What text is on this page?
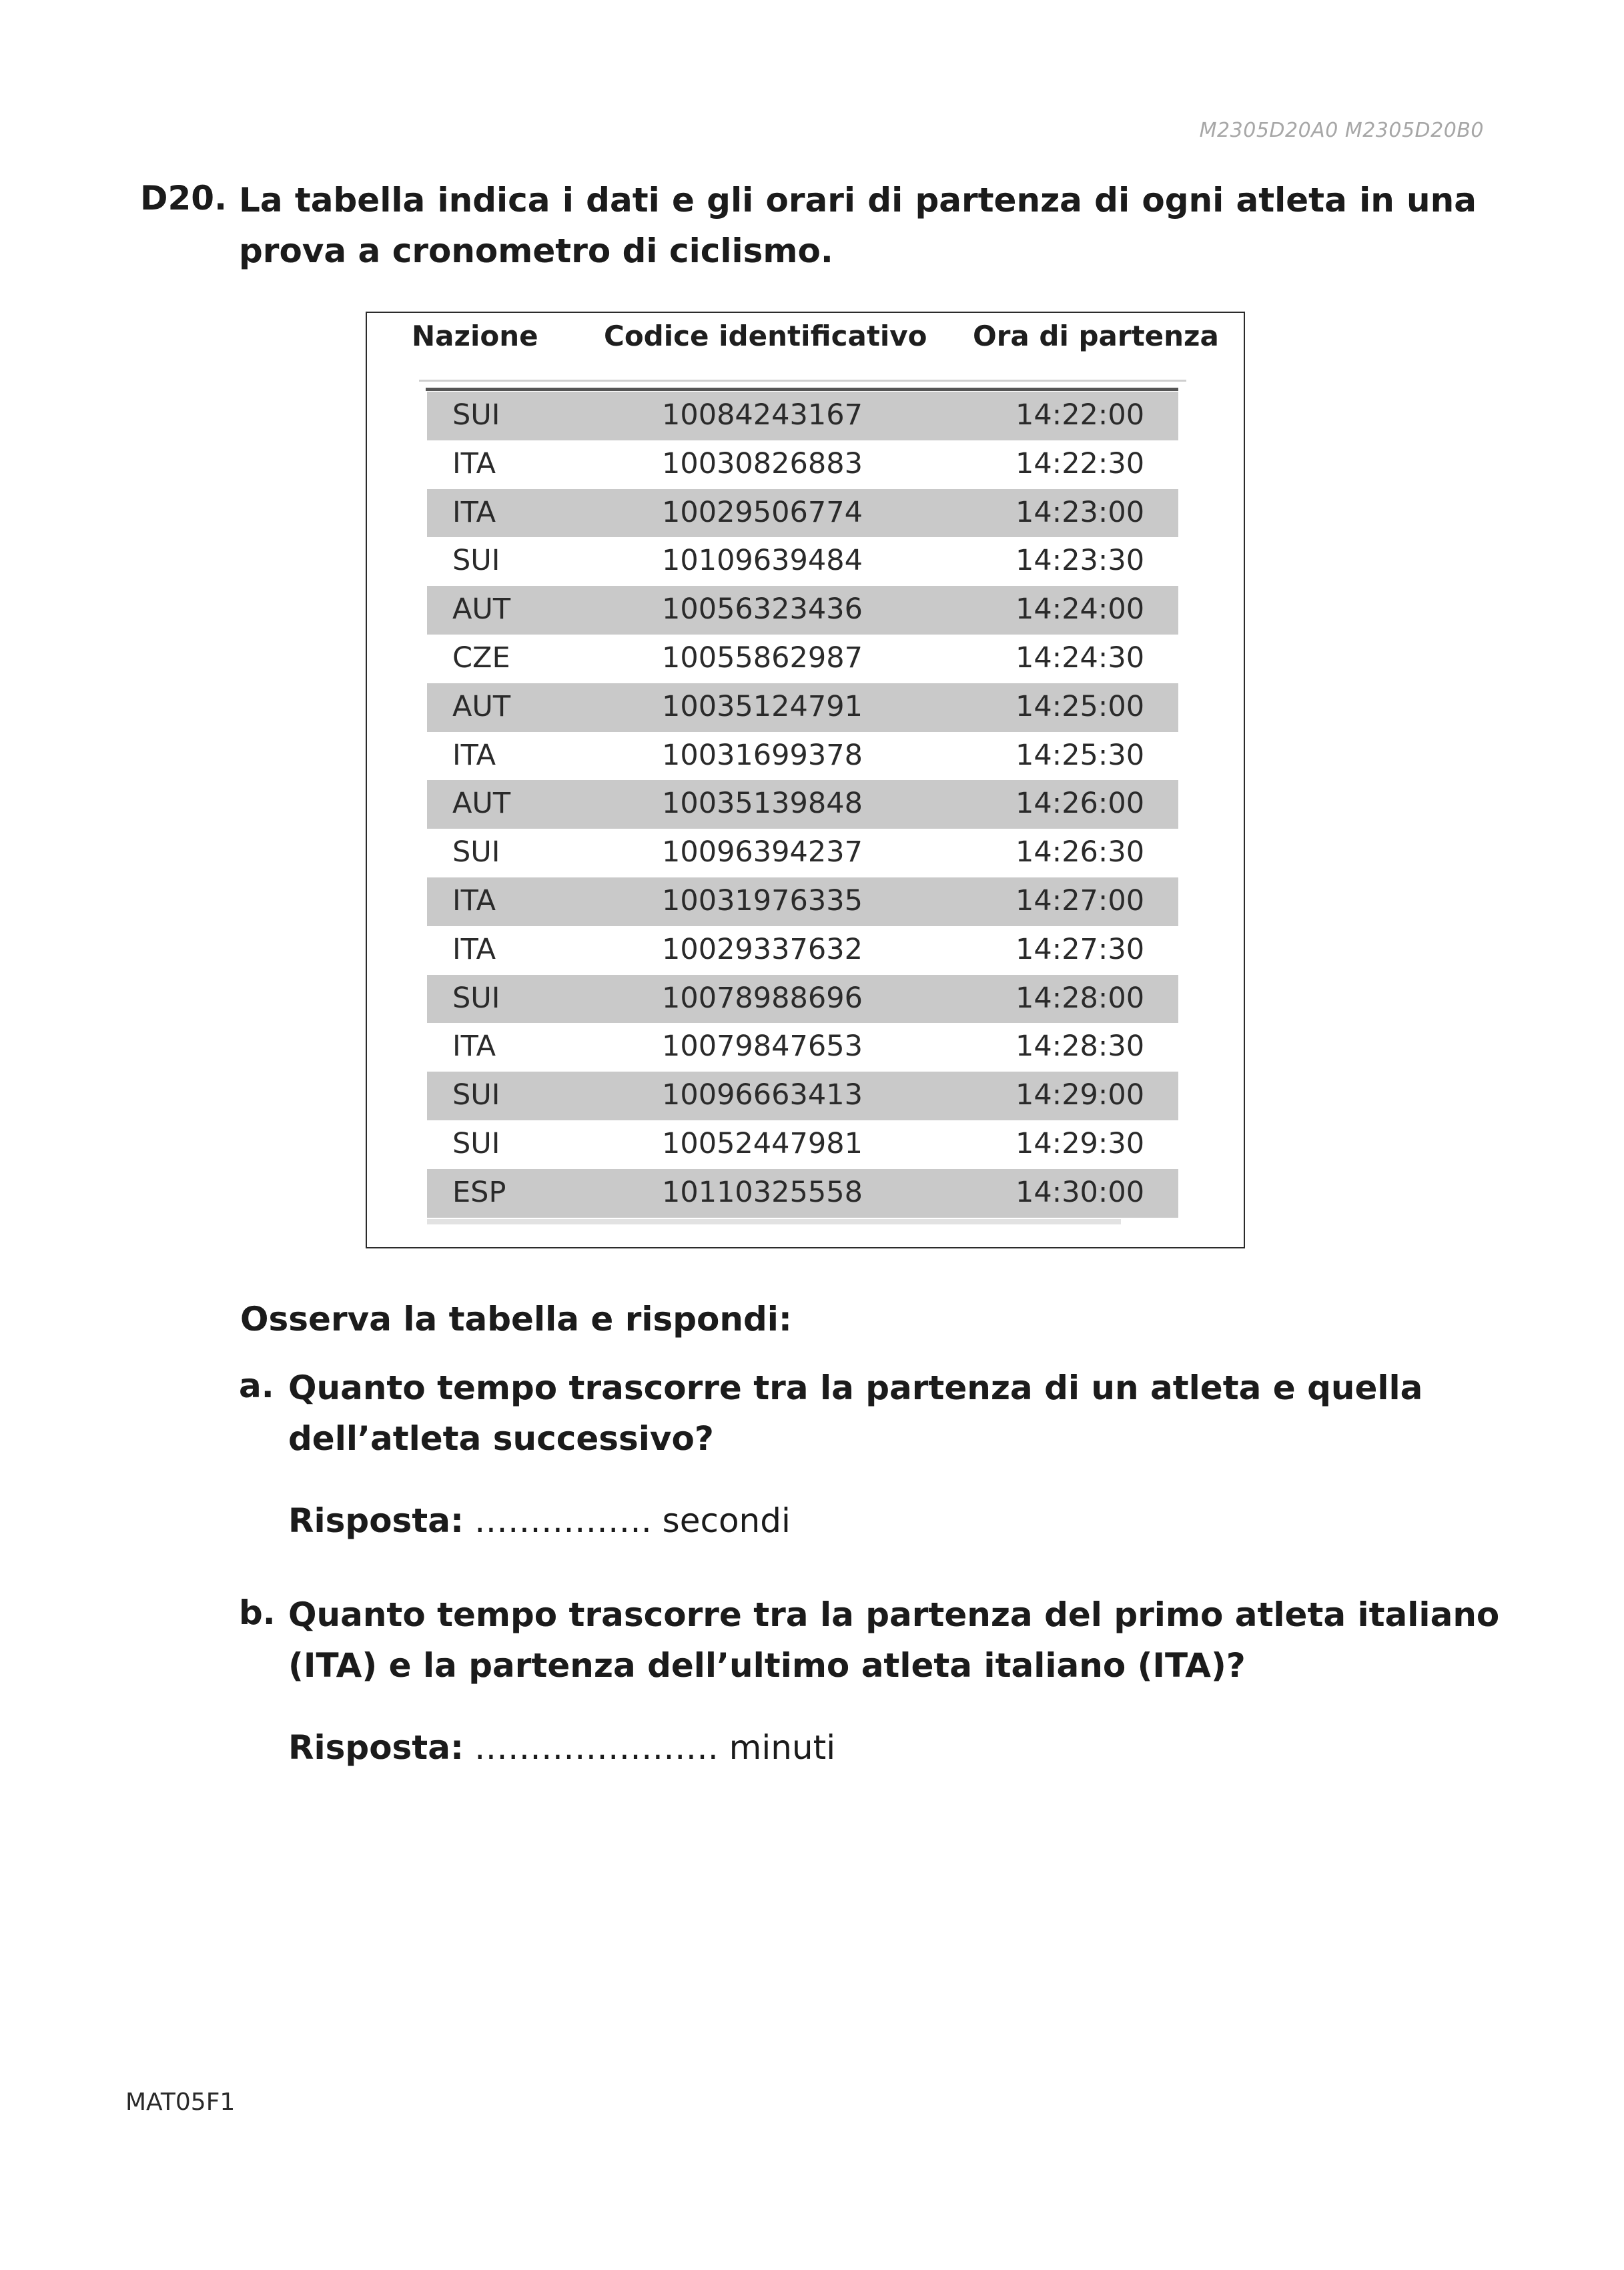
M2305D20A0 M2305D20B0
D20. La tabella indica i dati e gli orari di partenza di ogni atleta in una prova a cronometro di ciclismo.
Nazione Codice identificativo Ora di partenza
SUI	10084243167	14:22:00
ITA	10030826883	14:22:30
ITA	10029506774	14:23:00
SUI	10109639484	14:23:30
AUT	10056323436	14:24:00
CZE	10055862987	14:24:30
AUT	10035124791	14:25:00
ITA	10031699378	14:25:30
AUT	10035139848	14:26:00
SUI	10096394237	14:26:30
ITA	10031976335	14:27:00
ITA	10029337632	14:27:30
SUI	10078988696	14:28:00
ITA	10079847653	14:28:30
SUI	10096663413	14:29:00
SUI	10052447981	14:29:30
ESP	10110325558	14:30:00
Osserva la tabella e rispondi:
a. Quanto tempo trascorre tra la partenza di un atleta e quella dell’atleta successivo?
Risposta: ……………. secondi
b. Quanto tempo trascorre tra la partenza del primo atleta italiano (ITA) e la partenza dell’ultimo atleta italiano (ITA)?
Risposta: …………………. minuti
MAT05F1
